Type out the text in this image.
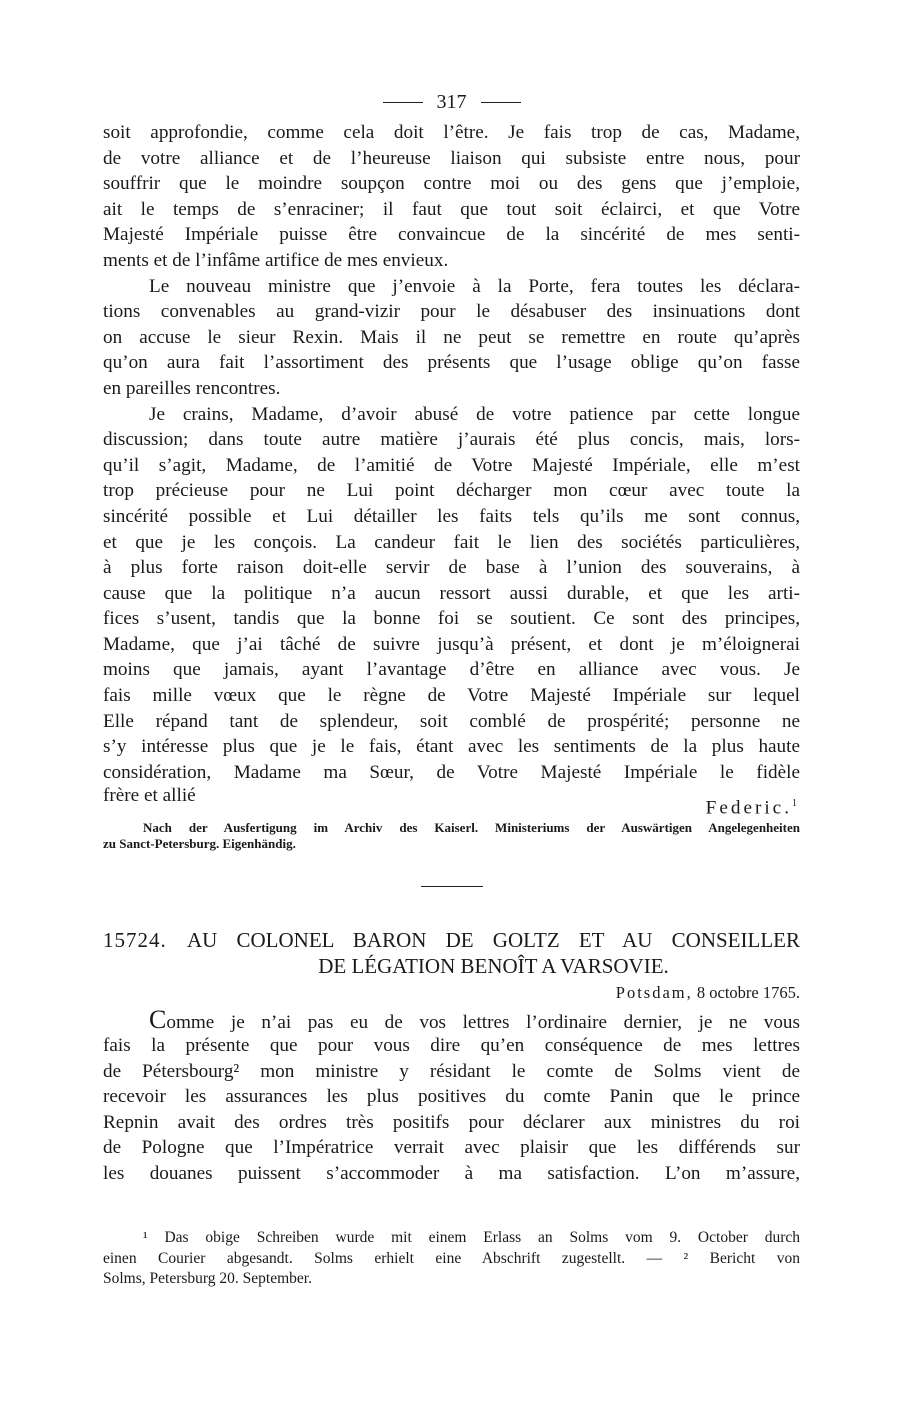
317
soit approfondie, comme cela doit l’être. Je fais trop de cas, Madame,
de votre alliance et de l’heureuse liaison qui subsiste entre nous, pour
souffrir que le moindre soupçon contre moi ou des gens que j’emploie,
ait le temps de s’enraciner; il faut que tout soit éclairci, et que Votre
Majesté Impériale puisse être convaincue de la sincérité de mes senti-
ments et de l’infâme artifice de mes envieux.
Le nouveau ministre que j’envoie à la Porte, fera toutes les déclara-
tions convenables au grand-vizir pour le désabuser des insinuations dont
on accuse le sieur Rexin. Mais il ne peut se remettre en route qu’après
qu’on aura fait l’assortiment des présents que l’usage oblige qu’on fasse
en pareilles rencontres.
Je crains, Madame, d’avoir abusé de votre patience par cette longue
discussion; dans toute autre matière j’aurais été plus concis, mais, lors-
qu’il s’agit, Madame, de l’amitié de Votre Majesté Impériale, elle m’est
trop précieuse pour ne Lui point décharger mon cœur avec toute la
sincérité possible et Lui détailler les faits tels qu’ils me sont connus,
et que je les conçois. La candeur fait le lien des sociétés particulières,
à plus forte raison doit-elle servir de base à l’union des souverains, à
cause que la politique n’a aucun ressort aussi durable, et que les arti-
fices s’usent, tandis que la bonne foi se soutient. Ce sont des principes,
Madame, que j’ai tâché de suivre jusqu’à présent, et dont je m’éloignerai
moins que jamais, ayant l’avantage d’être en alliance avec vous. Je
fais mille vœux que le règne de Votre Majesté Impériale sur lequel
Elle répand tant de splendeur, soit comblé de prospérité; personne ne
s’y intéresse plus que je le fais, étant avec les sentiments de la plus haute
considération, Madame ma Sœur, de Votre Majesté Impériale le fidèle
frère et allié
Federic.$^1$
Nach der Ausfertigung im Archiv des Kaiserl. Ministeriums der Auswärtigen Angelegenheiten
zu Sanct-Petersburg. Eigenhändig.
15724. AU COLONEL BARON DE GOLTZ ET AU CONSEILLER
DE LÉGATION BENOÎT A VARSOVIE.
Potsdam, 8 octobre 1765.
Comme je n’ai pas eu de vos lettres l’ordinaire dernier, je ne vous
fais la présente que pour vous dire qu’en conséquence de mes lettres
de Pétersbourg² mon ministre y résidant le comte de Solms vient de
recevoir les assurances les plus positives du comte Panin que le prince
Repnin avait des ordres très positifs pour déclarer aux ministres du roi
de Pologne que l’Impératrice verrait avec plaisir que les différends sur
les douanes puissent s’accommoder à ma satisfaction. L’on m’assure,
¹ Das obige Schreiben wurde mit einem Erlass an Solms vom 9. October durch
einen Courier abgesandt. Solms erhielt eine Abschrift zugestellt. — ² Bericht von
Solms, Petersburg 20. September.
